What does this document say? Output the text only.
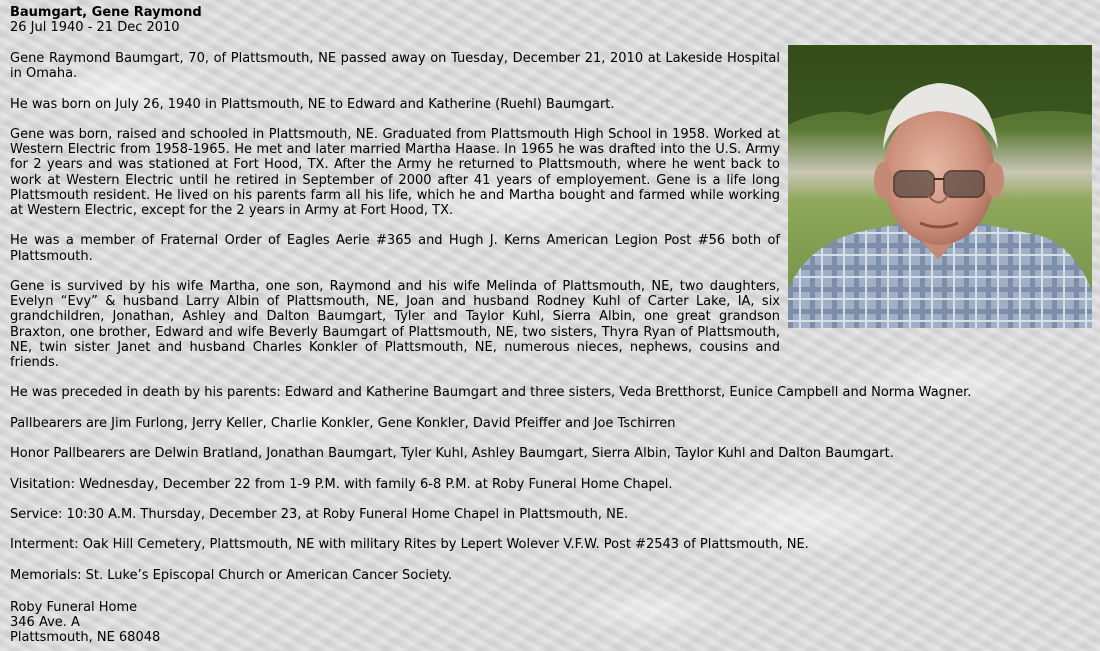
Baumgart, Gene Raymond
26 Jul 1940 - 21 Dec 2010

Gene Raymond Baumgart, 70, of Plattsmouth, NE passed away on Tuesday, December 21, 2010 at Lakeside Hospital in Omaha.

He was born on July 26, 1940 in Plattsmouth, NE to Edward and Katherine (Ruehl) Baumgart.

Gene was born, raised and schooled in Plattsmouth, NE. Graduated from Plattsmouth High School in 1958. Worked at Western Electric from 1958-1965. He met and later married Martha Haase. In 1965 he was drafted into the U.S. Army for 2 years and was stationed at Fort Hood, TX. After the Army he returned to Plattsmouth, where he went back to work at Western Electric until he retired in September of 2000 after 41 years of employement. Gene is a life long Plattsmouth resident. He lived on his parents farm all his life, which he and Martha bought and farmed while working at Western Electric, except for the 2 years in Army at Fort Hood, TX.

He was a member of Fraternal Order of Eagles Aerie #365 and Hugh J. Kerns American Legion Post #56 both of Plattsmouth.

Gene is survived by his wife Martha, one son, Raymond and his wife Melinda of Plattsmouth, NE, two daughters, Evelyn “Evy” & husband Larry Albin of Plattsmouth, NE, Joan and husband Rodney Kuhl of Carter Lake, IA, six grandchildren, Jonathan, Ashley and Dalton Baumgart, Tyler and Taylor Kuhl, Sierra Albin, one great grandson Braxton, one brother, Edward and wife Beverly Baumgart of Plattsmouth, NE, two sisters, Thyra Ryan of Plattsmouth, NE, twin sister Janet and husband Charles Konkler of Plattsmouth, NE, numerous nieces, nephews, cousins and friends.

He was preceded in death by his parents: Edward and Katherine Baumgart and three sisters, Veda Bretthorst, Eunice Campbell and Norma Wagner.

Pallbearers are Jim Furlong, Jerry Keller, Charlie Konkler, Gene Konkler, David Pfeiffer and Joe Tschirren

Honor Pallbearers are Delwin Bratland, Jonathan Baumgart, Tyler Kuhl, Ashley Baumgart, Sierra Albin, Taylor Kuhl and Dalton Baumgart.

Visitation: Wednesday, December 22 from 1-9 P.M. with family 6-8 P.M. at Roby Funeral Home Chapel.

Service: 10:30 A.M. Thursday, December 23, at Roby Funeral Home Chapel in Plattsmouth, NE.

Interment: Oak Hill Cemetery, Plattsmouth, NE with military Rites by Lepert Wolever V.F.W. Post #2543 of Plattsmouth, NE.

Memorials: St. Luke’s Episcopal Church or American Cancer Society.

Roby Funeral Home
346 Ave. A
Plattsmouth, NE 68048
